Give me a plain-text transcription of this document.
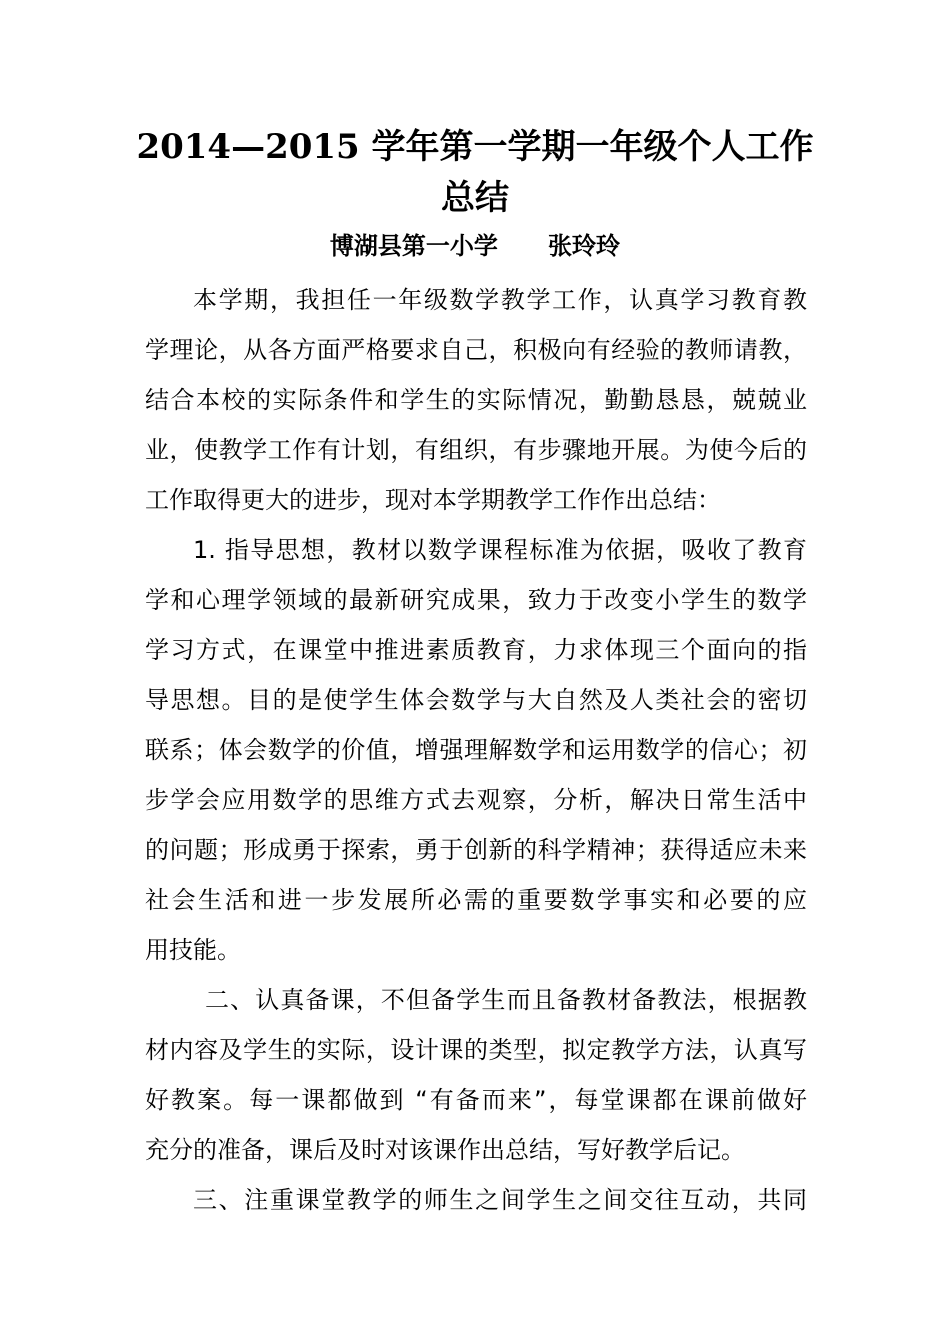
2014—2015 学年第一学期一年级个人工作
总结
博湖县第一小学      张玲玲
本学期，我担任一年级数学教学工作，认真学习教育教
学理论，从各方面严格要求自己，积极向有经验的教师请教，
结合本校的实际条件和学生的实际情况，勤勤恳恳，兢兢业
业，使教学工作有计划，有组织，有步骤地开展。为使今后的
工作取得更大的进步，现对本学期教学工作作出总结：
1. 指导思想，教材以数学课程标准为依据，吸收了教育
学和心理学领域的最新研究成果，致力于改变小学生的数学
学习方式，在课堂中推进素质教育，力求体现三个面向的指
导思想。目的是使学生体会数学与大自然及人类社会的密切
联系；体会数学的价值，增强理解数学和运用数学的信心；初
步学会应用数学的思维方式去观察，分析，解决日常生活中
的问题；形成勇于探索，勇于创新的科学精神；获得适应未来
社会生活和进一步发展所必需的重要数学事实和必要的应
用技能。
二、认真备课，不但备学生而且备教材备教法，根据教
材内容及学生的实际，设计课的类型，拟定教学方法，认真写
好教案。每一课都做到 “有备而来”，每堂课都在课前做好
充分的准备，课后及时对该课作出总结，写好教学后记。
三、注重课堂教学的师生之间学生之间交往互动，共同
